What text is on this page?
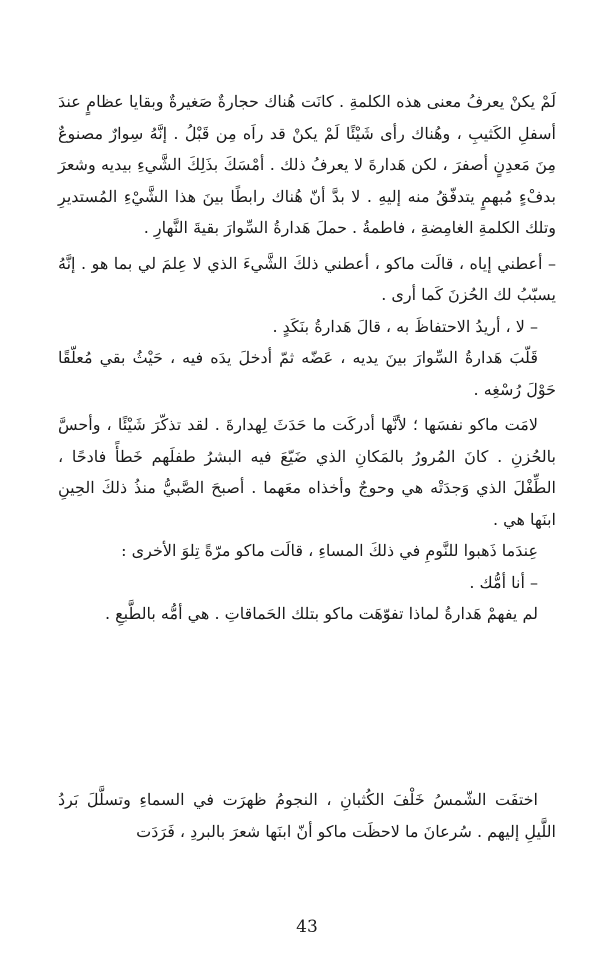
لَمْ يكنْ يعرفُ معنى هذه الكلمةِ . كانَت هُناك حجارةٌ صَغيرةٌ وبقايا عظامٍ عندَ أسفلِ الكَثيبِ ، وهُناك رأى شَيْئًا لَمْ يكنْ قد راَه مِن قَبْلُ . إنَّهُ سِوارٌ مصنوعٌ مِنَ مَعدِنٍ أصفرَ ، لكن هَدارةَ لا يعرفُ ذلك . أمْسَكَ بذَلِكَ الشَّيءِ بيديه وشعرَ بدفْءٍ مُبهمٍ يتدفّقُ منه إليهِ . لا بدَّ أنّ هُناك رابطًا بينَ هذا الشَّيْءِ المُستديرِ وتلك الكلمةِ الغامِضةِ ، فاطمةُ . حملَ هَدارةُ السِّوارَ بقيةَ النَّهارِ .

– أعطني إياه ، قالَت ماكو ، أعطني ذلكَ الشَّيءَ الذي لا عِلمَ لي بما هو . إنَّهُ يسبّبُ لك الحُزنَ كَما أرى .

– لا ، أريدُ الاحتفاظَ به ، قالَ هَدارةُ بنَكَدٍ .

قَلّبَ هَدارةُ السِّوارَ بينَ يديه ، عَضّه ثمّ أدخلَ يدَه فيه ، حَيْثُ بقي مُعلّقًا حَوْلَ رُسْغِه .

لامَت ماكو نفسَها ؛ لأنَّها أدركَت ما حَدَثَ لِهدارةَ . لقد تذكّرَ شَيْئًا ، وأحسَّ بالحُزنِ . كانَ المُرورُ بالمَكانِ الذي ضَيّعَ فيه البشرُ طفلَهم خَطأً فادحًا ، الطِّفْلَ الذي وَجدَتْه هي وحوجٌ وأخذاه معَهما . أصبحَ الصَّبيُّ منذُ ذلكَ الحِينِ ابنَها هي .

عِندَما ذَهبوا للنَّومِ في ذلكَ المساءِ ، قالَت ماكو مرّةً تِلوَ الأخرى :

– أنا أمُّك .

لم يفهمْ هَدارةُ لماذا تفوّهَت ماكو بتلك الحَماقاتِ . هي أمُّه بالطَّبعِ .

اختفَت الشّمسُ خَلْفَ الكُثبانِ ، النجومُ ظهرَت في السماءِ وتسلَّلَ بَردُ اللَّيلِ إليهم . سُرعانَ ما لاحظَت ماكو أنّ ابنَها شعرَ بالبردِ ، فَرَدَت

43
